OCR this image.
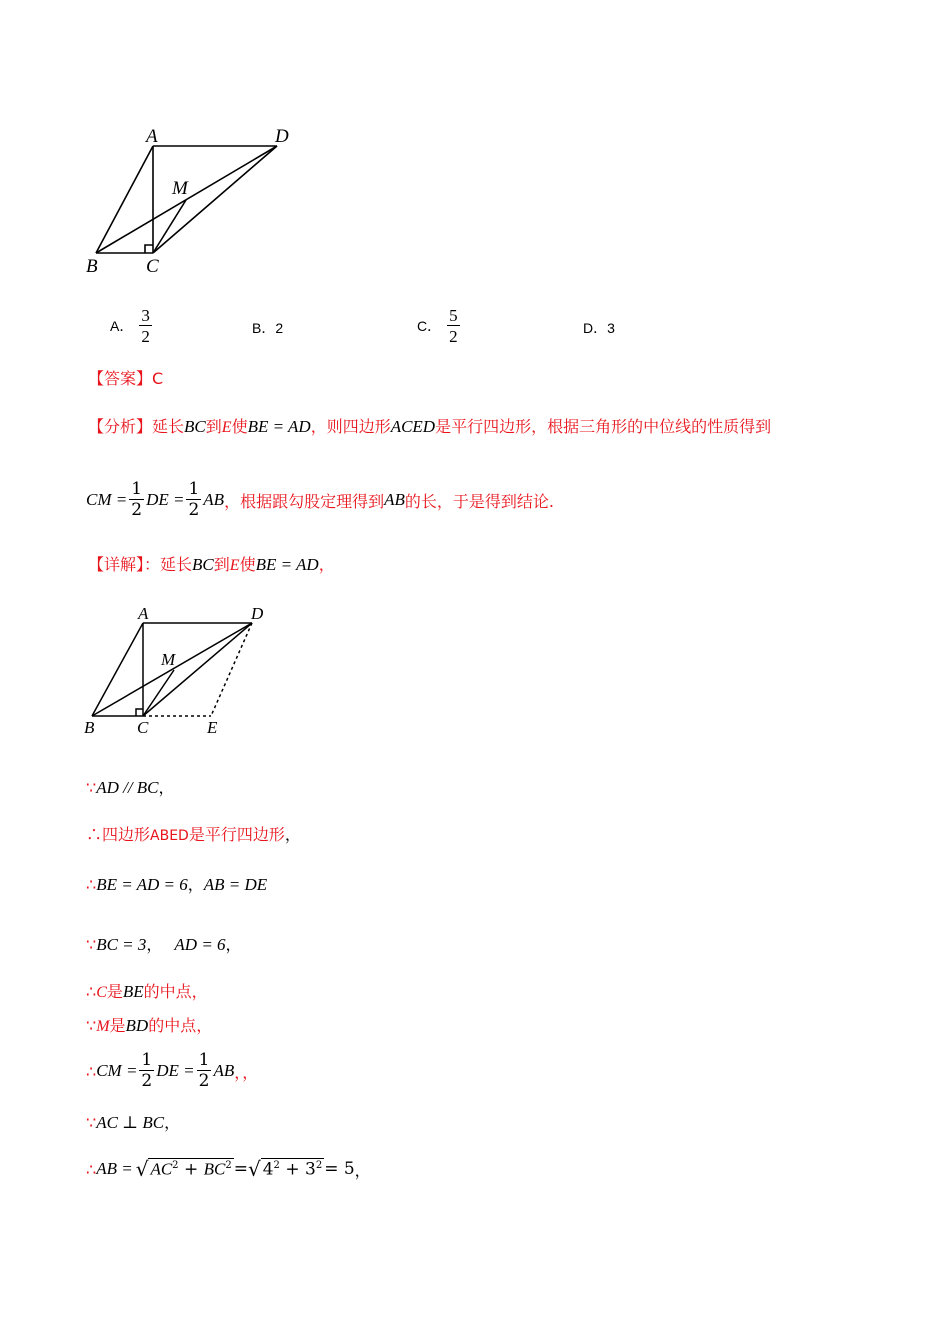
A	D
M
B	C
A． $\frac{3}{2}$	B．2	C． $\frac{5}{2}$	D．3
【答案】C
【分析】延长BC到E使BE = AD，则四边形ACED是平行四边形，根据三角形的中位线的性质得到
CM = $\frac{1}{2}$ DE = $\frac{1}{2}$ AB ，根据跟勾股定理得到 AB 的长，于是得到结论.
【详解】：延长BC到E使BE = AD，
A	D
M
B	C	E
∵AD // BC，
∴四边形ABED是平行四边形，
∴BE = AD = 6，AB = DE
∵BC = 3， AD = 6，
∴C是BE的中点，
∵M是BD的中点，
∴ CM = $\frac{1}{2}$ DE = $\frac{1}{2}$ AB ，，
∵AC ⊥ BC，
∴ AB = √ $AC^2 + BC^2$ = √ $4^2 + 3^2 = 5$ ，
